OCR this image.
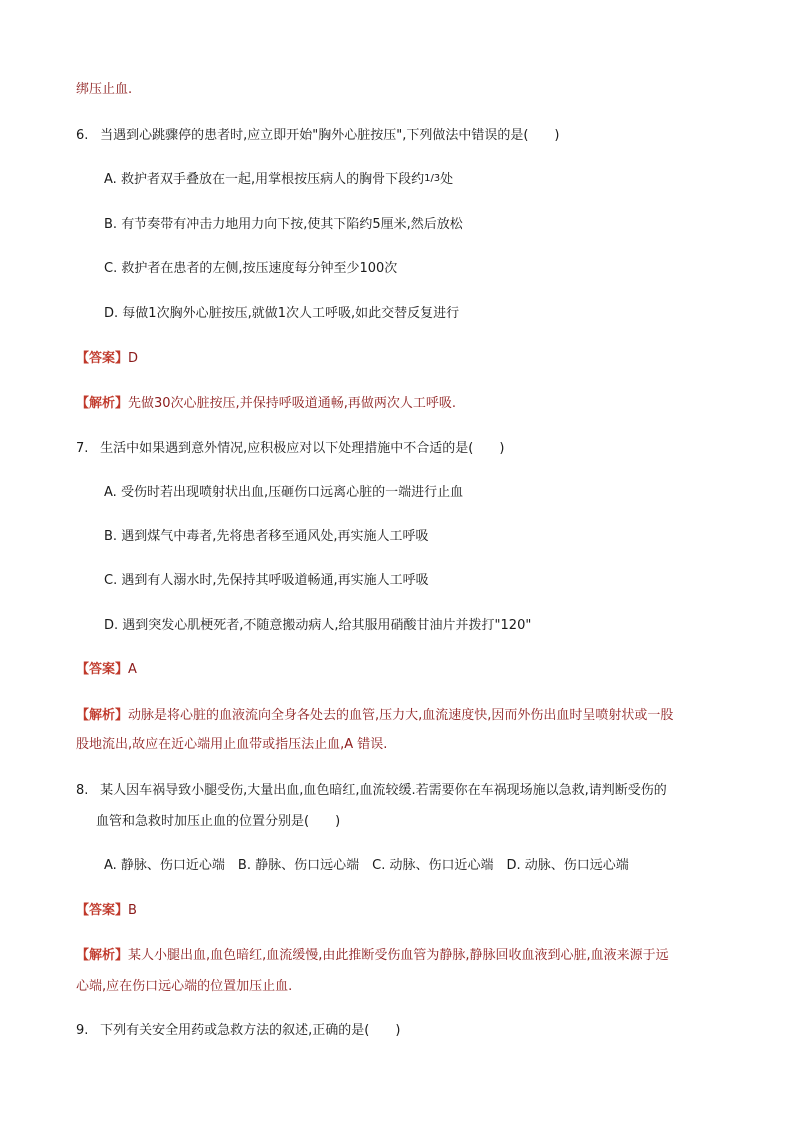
绑压止血.
6. 当遇到心跳骤停的患者时,应立即开始"胸外心脏按压",下列做法中错误的是(　　)
A. 救护者双手叠放在一起,用掌根按压病人的胸骨下段约$^{1/3}$处
B. 有节奏带有冲击力地用力向下按,使其下陷约5厘米,然后放松
C. 救护者在患者的左侧,按压速度每分钟至少100次
D. 每做1次胸外心脏按压,就做1次人工呼吸,如此交替反复进行
【答案】D
【解析】先做30次心脏按压,并保持呼吸道通畅,再做两次人工呼吸.
7. 生活中如果遇到意外情况,应积极应对以下处理措施中不合适的是(　　)
A. 受伤时若出现喷射状出血,压砸伤口远离心脏的一端进行止血
B. 遇到煤气中毒者,先将患者移至通风处,再实施人工呼吸
C. 遇到有人溺水时,先保持其呼吸道畅通,再实施人工呼吸
D. 遇到突发心肌梗死者,不随意搬动病人,给其服用硝酸甘油片并拨打"120"
【答案】A
【解析】动脉是将心脏的血液流向全身各处去的血管,压力大,血流速度快,因而外伤出血时呈喷射状或一股
股地流出,故应在近心端用止血带或指压法止血,A 错误.
8. 某人因车祸导致小腿受伤,大量出血,血色暗红,血流较缓.若需要你在车祸现场施以急救,请判断受伤的
血管和急救时加压止血的位置分别是(　　)
A. 静脉、伤口近心端　B. 静脉、伤口远心端　C. 动脉、伤口近心端　D. 动脉、伤口远心端
【答案】B
【解析】某人小腿出血,血色暗红,血流缓慢,由此推断受伤血管为静脉,静脉回收血液到心脏,血液来源于远
心端,应在伤口远心端的位置加压止血.
9. 下列有关安全用药或急救方法的叙述,正确的是(　　)
